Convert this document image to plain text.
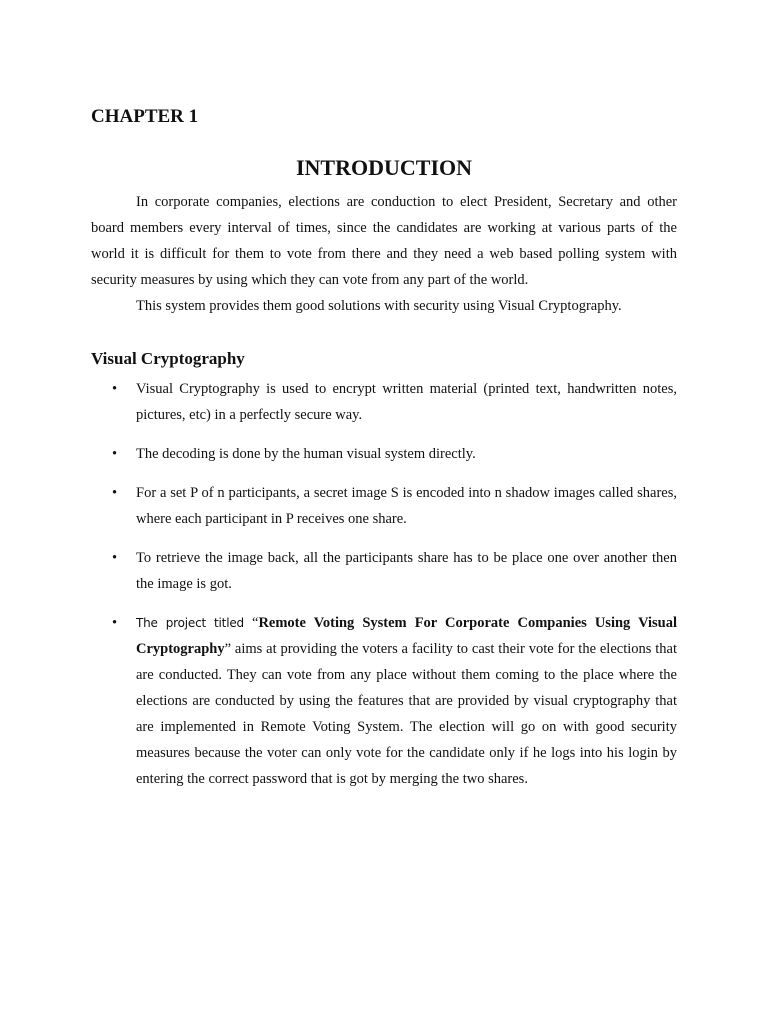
CHAPTER 1
INTRODUCTION

In corporate companies, elections are conduction to elect President, Secretary and other board members every interval of times, since the candidates are working at various parts of the world it is difficult for them to vote from there and they need a web based polling system with security measures by using which they can vote from any part of the world.

This system provides them good solutions with security using Visual Cryptography.

Visual Cryptography
• Visual Cryptography is used to encrypt written material (printed text, handwritten notes, pictures, etc) in a perfectly secure way.
• The decoding is done by the human visual system directly.
• For a set P of n participants, a secret image S is encoded into n shadow images called shares, where each participant in P receives one share.
• To retrieve the image back, all the participants share has to be place one over another then the image is got.
• The project titled “Remote Voting System For Corporate Companies Using Visual Cryptography” aims at providing the voters a facility to cast their vote for the elections that are conducted. They can vote from any place without them coming to the place where the elections are conducted by using the features that are provided by visual cryptography that are implemented in Remote Voting System. The election will go on with good security measures because the voter can only vote for the candidate only if he logs into his login by entering the correct password that is got by merging the two shares.
